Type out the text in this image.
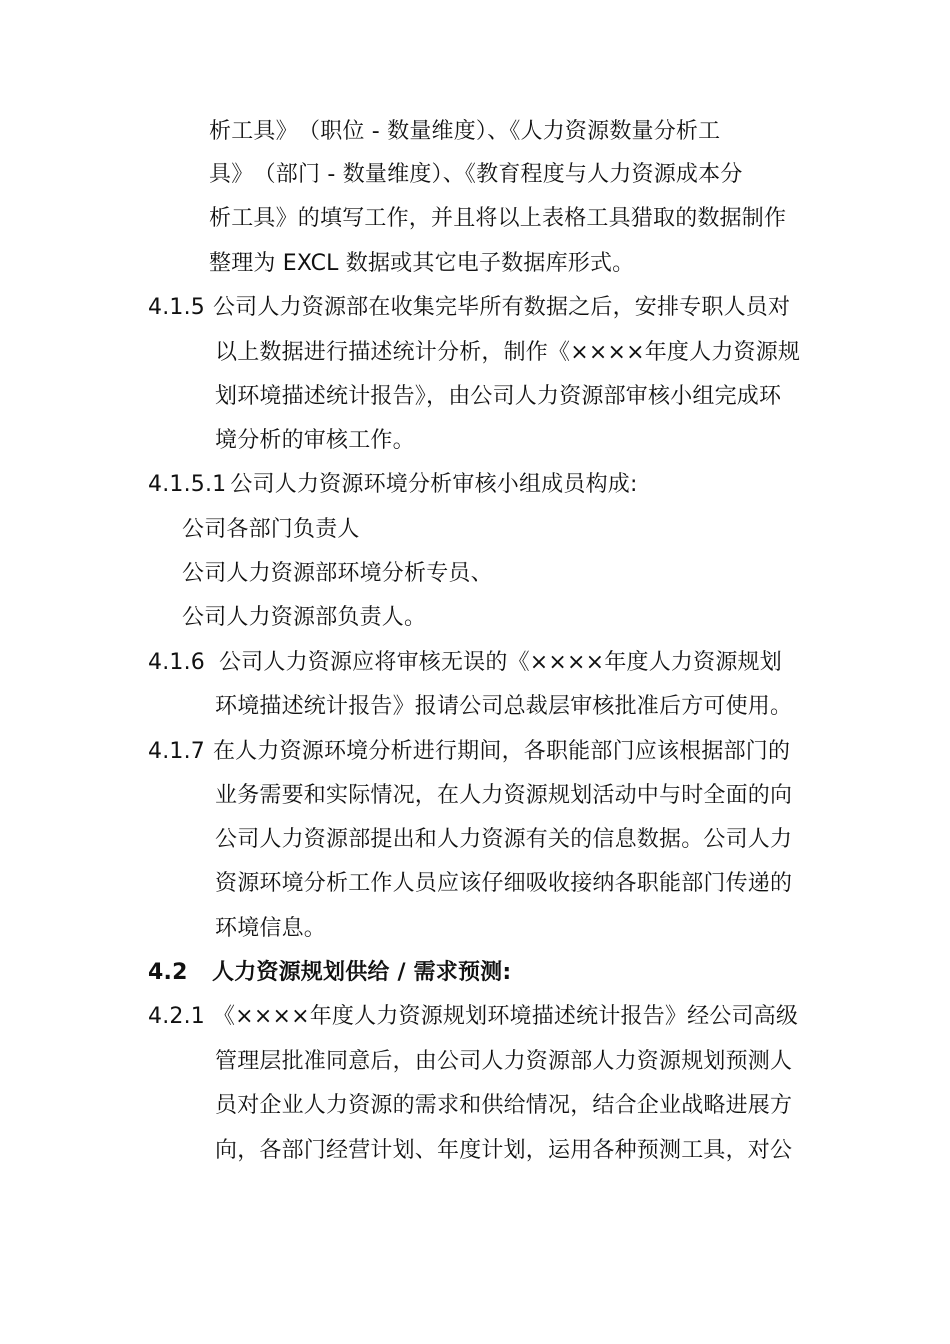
析工具》　（职位 - 数量维度）、《人力资源数量分析工
具》　（部门 - 数量维度）、《教育程度与人力资源成本分
析工具》的填写工作，并且将以上表格工具猎取的数据制作
整理为 EXCL 数据或其它电子数据库形式。
4.1.5 公司人力资源部在收集完毕所有数据之后，安排专职人员对
以上数据进行描述统计分析，制作《××××年度人力资源规
划环境描述统计报告》，由公司人力资源部审核小组完成环
境分析的审核工作。
4.1.5.1 公司人力资源环境分析审核小组成员构成:
公司各部门负责人
公司人力资源部环境分析专员、
公司人力资源部负责人。
4.1.6 公司人力资源应将审核无误的《××××年度人力资源规划
环境描述统计报告》报请公司总裁层审核批准后方可使用。
4.1.7 在人力资源环境分析进行期间，各职能部门应该根据部门的
业务需要和实际情况，在人力资源规划活动中与时全面的向
公司人力资源部提出和人力资源有关的信息数据。公司人力
资源环境分析工作人员应该仔细吸收接纳各职能部门传递的
环境信息。
4.2 人力资源规划供给 / 需求预测:
4.2.1 《××××年度人力资源规划环境描述统计报告》经公司高级
管理层批准同意后，由公司人力资源部人力资源规划预测人
员对企业人力资源的需求和供给情况，结合企业战略进展方
向，各部门经营计划、年度计划，运用各种预测工具，对公
